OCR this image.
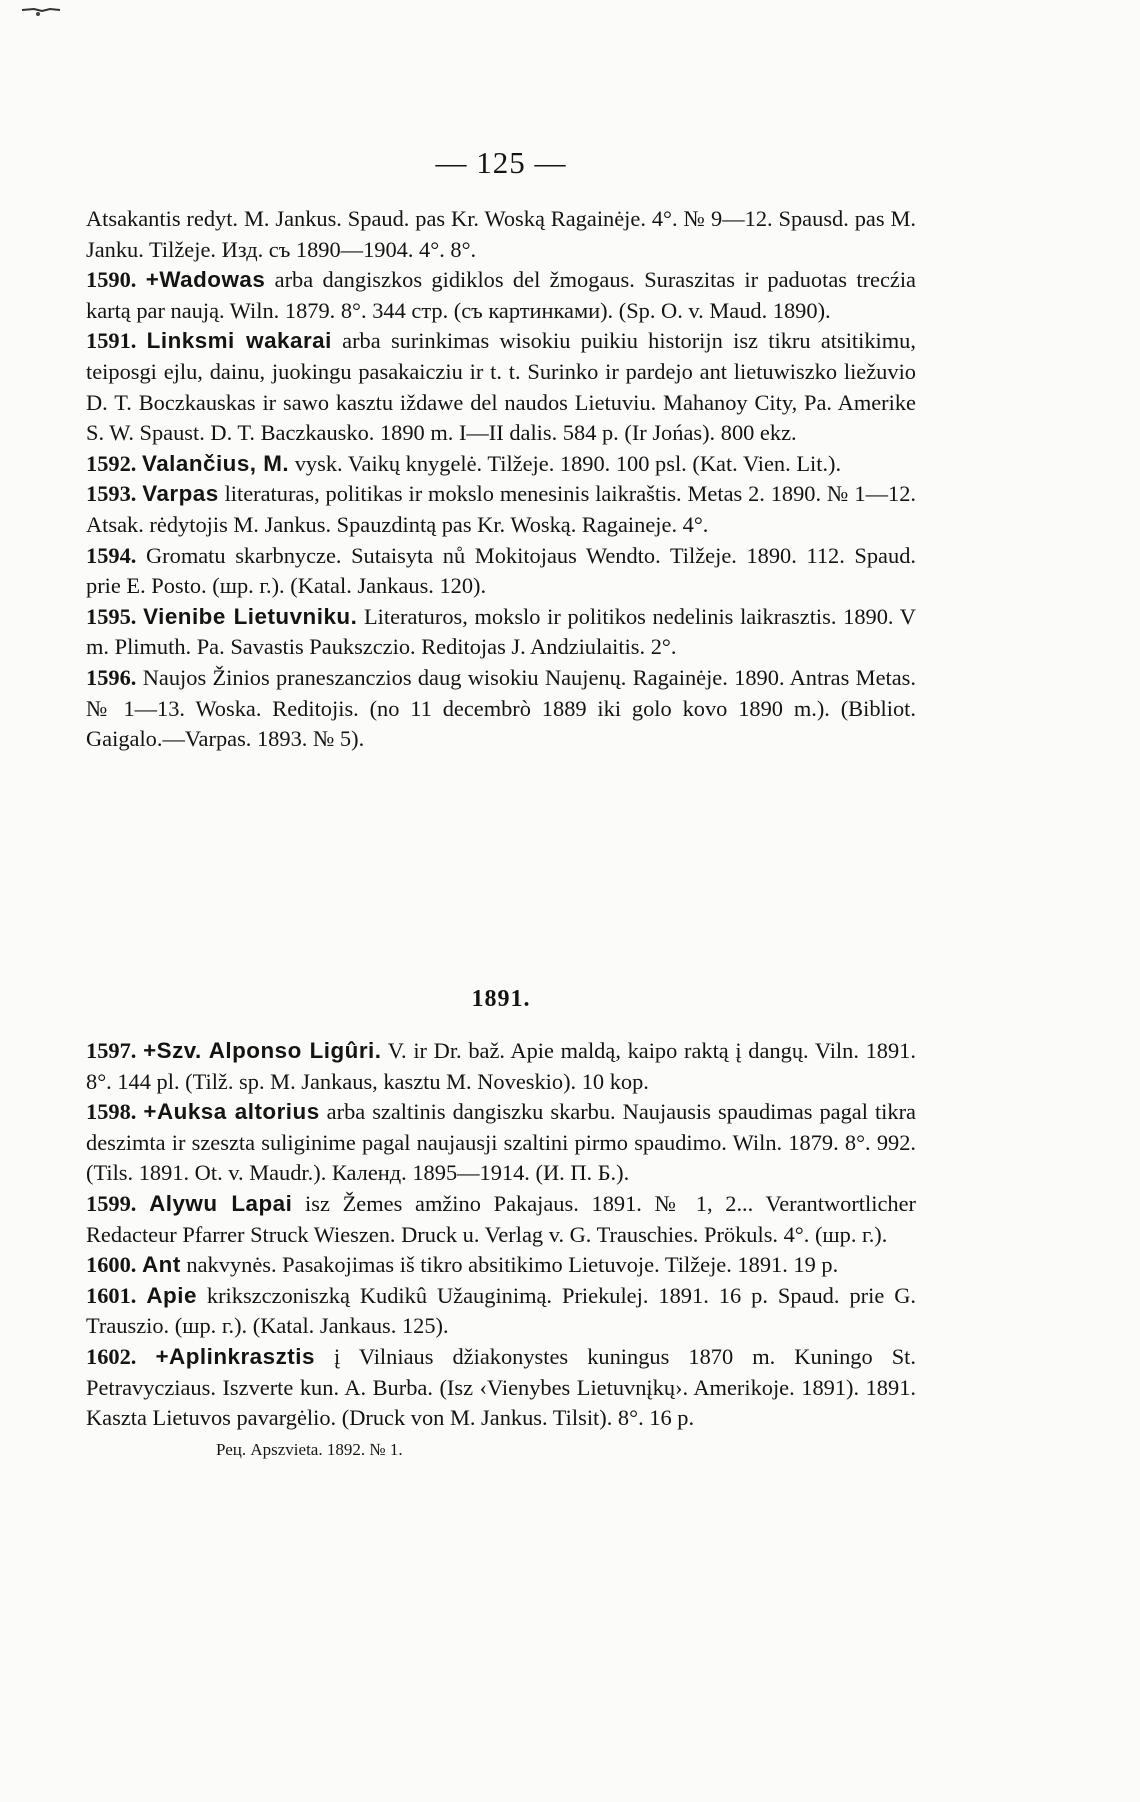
— 125 —

Atsakantis redyt. M. Jankus. Spaud. pas Kr. Woską Ragainėje. 4°. № 9—12. Spausd. pas M. Janku. Tilžeje. Изд. съ 1890—1904. 4°. 8°.

1590. +Wadowas arba dangiszkos gidiklos del žmogaus. Suraszitas ir paduotas trecźia kartą par naują. Wiln. 1879. 8°. 344 стр. (съ картинками). (Sp. O. v. Maud. 1890).

1591. Linksmi wakarai arba surinkimas wisokiu puikiu historijn isz tikru atsitikimu, teiposgi ejlu, dainu, juokingu pasakaicziu ir t. t. Surinko ir pardejo ant lietuwiszko liežuvio D. T. Boczkauskas ir sawo kasztu iždawe del naudos Lietuviu. Mahanoy City, Pa. Amerike S. W. Spaust. D. T. Baczkausko. 1890 m. I—II dalis. 584 p. (Ir Jońas). 800 ekz.

1592. Valančius, M. vysk. Vaikų knygelė. Tilžeje. 1890. 100 psl. (Kat. Vien. Lit.).

1593. Varpas literaturas, politikas ir mokslo menesinis laikraštis. Metas 2. 1890. № 1—12. Atsak. rėdytojis M. Jankus. Spauzdintą pas Kr. Woską. Ragaineje. 4°.

1594. Gromatu skarbnycze. Sutaisyta nů Mokitojaus Wendto. Tilžeje. 1890. 112. Spaud. prie E. Posto. (шр. г.). (Katal. Jankaus. 120).

1595. Vienibe Lietuvniku. Literaturos, mokslo ir politikos nedelinis laikrasztis. 1890. V m. Plimuth. Pa. Savastis Paukszczio. Reditojas J. Andziulaitis. 2°.

1596. Naujos Žinios praneszanczios daug wisokiu Naujenų. Ragainėje. 1890. Antras Metas. № 1—13. Woska. Reditojis. (no 11 decembrò 1889 iki golo kovo 1890 m.). (Bibliot. Gaigalo.—Varpas. 1893. № 5).

1891.

1597. +Szv. Alponso Ligûri. V. ir Dr. baž. Apie maldą, kaipo raktą į dangų. Viln. 1891. 8°. 144 pl. (Tilž. sp. M. Jankaus, kasztu M. Noveskio). 10 kop.

1598. +Auksa altorius arba szaltinis dangiszku skarbu. Naujausis spaudimas pagal tikra deszimta ir szeszta suliginime pagal naujausji szaltini pirmo spaudimo. Wiln. 1879. 8°. 992. (Tils. 1891. Ot. v. Maudr.). Календ. 1895—1914. (И. П. Б.).

1599. Alywu Lapai isz Žemes amžino Pakajaus. 1891. № 1, 2... Verantwortlicher Redacteur Pfarrer Struck Wieszen. Druck u. Verlag v. G. Trauschies. Prökuls. 4°. (шр. г.).

1600. Ant nakvynės. Pasakojimas iš tikro absitikimo Lietuvoje. Tilžeje. 1891. 19 p.

1601. Apie krikszczoniszką Kudikû Užauginimą. Priekulej. 1891. 16 p. Spaud. prie G. Trauszio. (шр. г.). (Katal. Jankaus. 125).

1602. +Aplinkrasztis į Vilniaus džiakonystes kuningus 1870 m. Kuningo St. Petravycziaus. Iszverte kun. A. Burba. (Isz ‹Vienybes Lietuvnįkų›. Amerikoje. 1891). 1891. Kaszta Lietuvos pavargėlio. (Druck von M. Jankus. Tilsit). 8°. 16 p.

Рец. Apszvieta. 1892. № 1.
